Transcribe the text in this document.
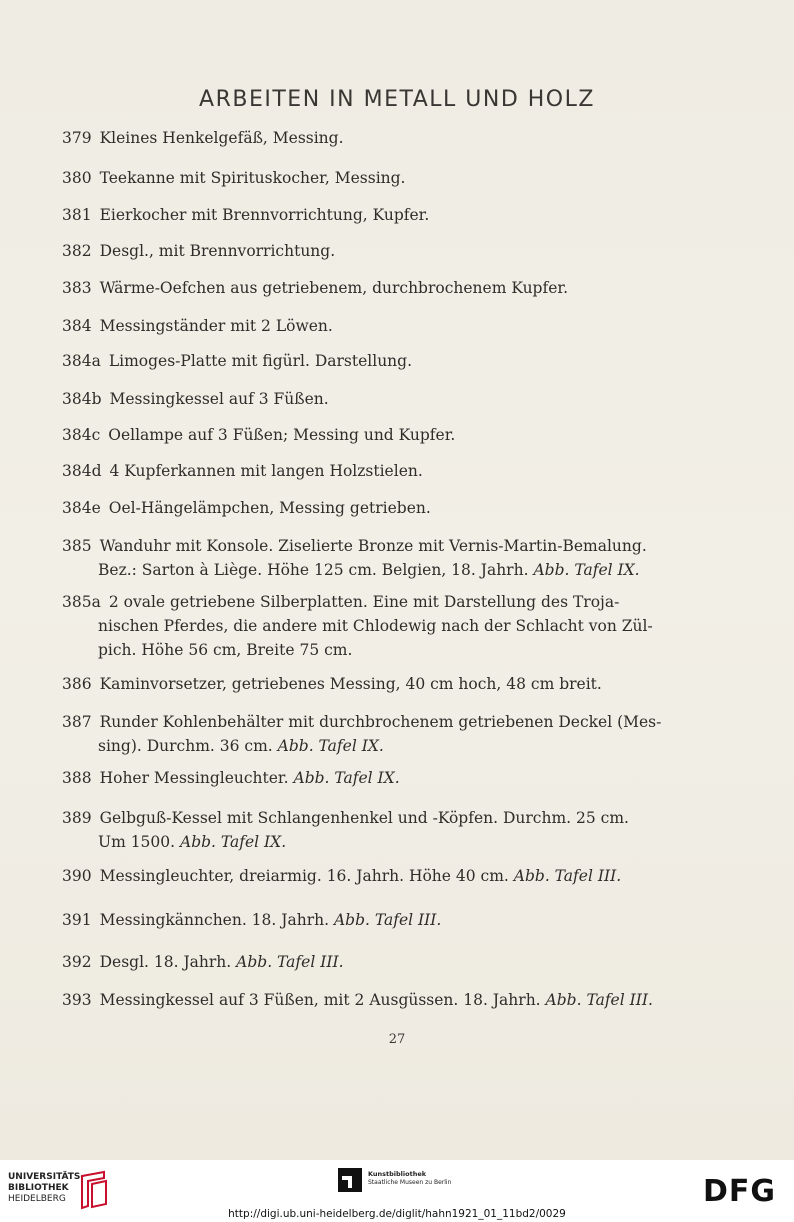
ARBEITEN IN METALL UND HOLZ
379 Kleines Henkelgefäß, Messing.
380 Teekanne mit Spirituskocher, Messing.
381 Eierkocher mit Brennvorrichtung, Kupfer.
382 Desgl., mit Brennvorrichtung.
383 Wärme-Oefchen aus getriebenem, durchbrochenem Kupfer.
384 Messingständer mit 2 Löwen.
384a Limoges-Platte mit figürl. Darstellung.
384b Messingkessel auf 3 Füßen.
384c Oellampe auf 3 Füßen; Messing und Kupfer.
384d 4 Kupferkannen mit langen Holzstielen.
384e Oel-Hängelämpchen, Messing getrieben.
385 Wanduhr mit Konsole. Ziselierte Bronze mit Vernis-Martin-Bemalung.
Bez.: Sarton à Liège. Höhe 125 cm. Belgien, 18. Jahrh. Abb. Tafel IX.
385a 2 ovale getriebene Silberplatten. Eine mit Darstellung des Troja-
nischen Pferdes, die andere mit Chlodewig nach der Schlacht von Zül-
pich. Höhe 56 cm, Breite 75 cm.
386 Kaminvorsetzer, getriebenes Messing, 40 cm hoch, 48 cm breit.
387 Runder Kohlenbehälter mit durchbrochenem getriebenen Deckel (Mes-
sing). Durchm. 36 cm. Abb. Tafel IX.
388 Hoher Messingleuchter. Abb. Tafel IX.
389 Gelbguß-Kessel mit Schlangenhenkel und -Köpfen. Durchm. 25 cm.
Um 1500. Abb. Tafel IX.
390 Messingleuchter, dreiarmig. 16. Jahrh. Höhe 40 cm. Abb. Tafel III.
391 Messingkännchen. 18. Jahrh. Abb. Tafel III.
392 Desgl. 18. Jahrh. Abb. Tafel III.
393 Messingkessel auf 3 Füßen, mit 2 Ausgüssen. 18. Jahrh. Abb. Tafel III.
27
UNIVERSITÄTS-
BIBLIOTHEK
HEIDELBERG
Kunstbibliothek
Staatliche Museen zu Berlin	DFG
http://digi.ub.uni-heidelberg.de/diglit/hahn1921_01_11bd2/0029
